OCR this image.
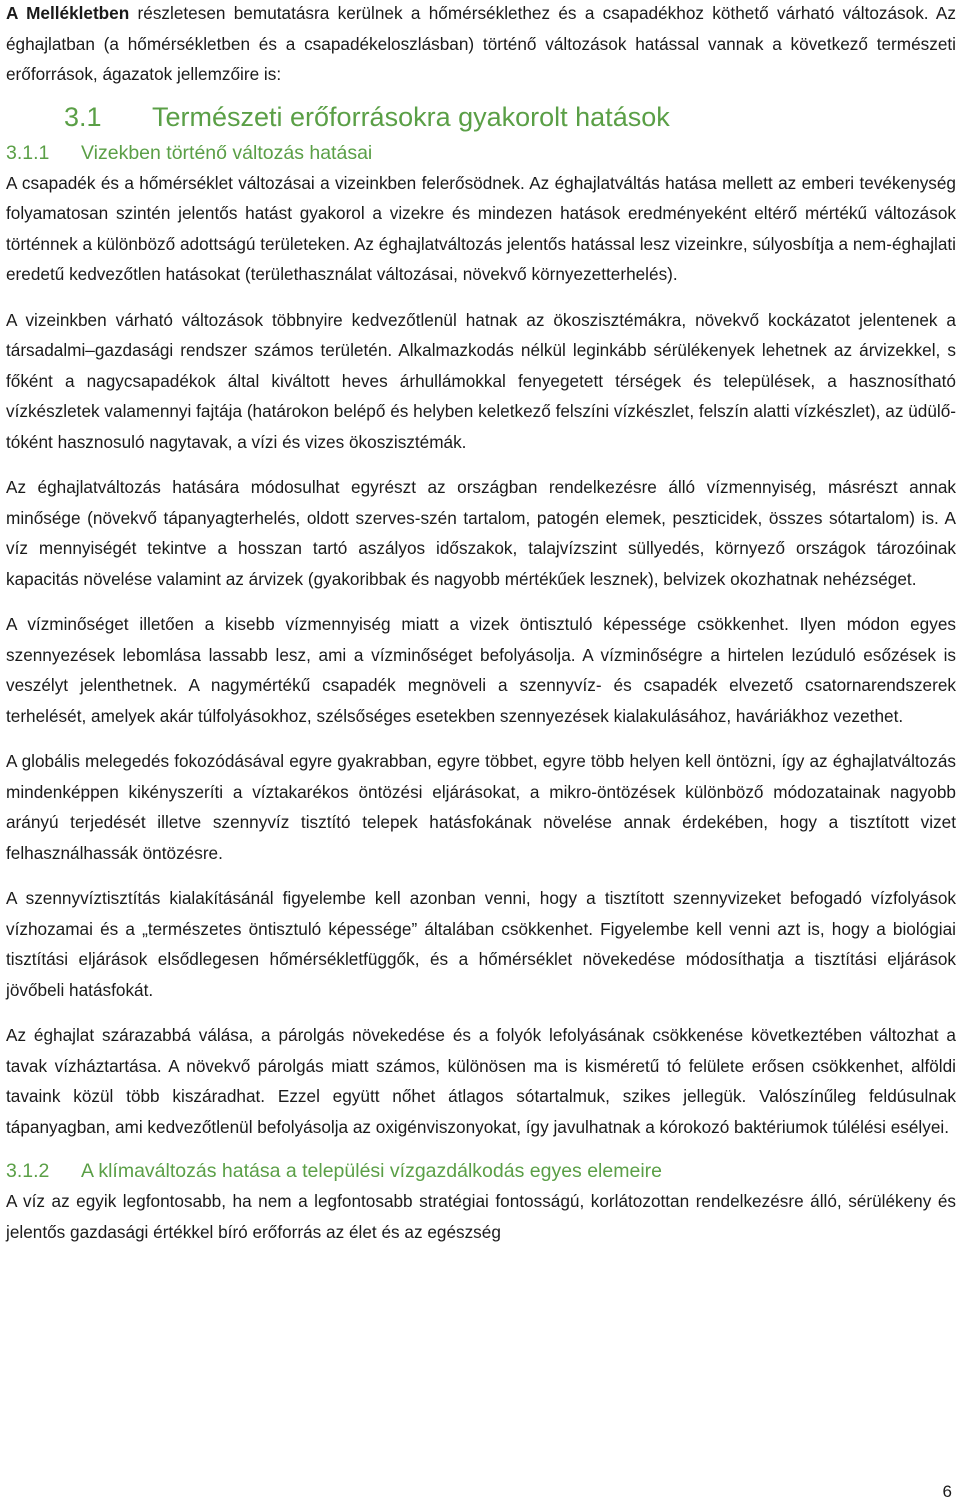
A Mellékletben részletesen bemutatásra kerülnek a hőmérséklethez és a csapadékhoz köthető várható változások. Az éghajlatban (a hőmérsékletben és a csapadékeloszlásban) történő változások hatással vannak a következő természeti erőforrások, ágazatok jellemzőire is:

3.1 Természeti erőforrásokra gyakorolt hatások
3.1.1 Vizekben történő változás hatásai

A csapadék és a hőmérséklet változásai a vizeinkben felerősödnek. Az éghajlatváltás hatása mellett az emberi tevékenység folyamatosan szintén jelentős hatást gyakorol a vizekre és mindezen hatások eredményeként eltérő mértékű változások történnek a különböző adottságú területeken. Az éghajlatváltozás jelentős hatással lesz vizeinkre, súlyosbítja a nem-éghajlati eredetű kedvezőtlen hatásokat (területhasználat változásai, növekvő környezetterhelés).

A vizeinkben várható változások többnyire kedvezőtlenül hatnak az ökoszisztémákra, növekvő kockázatot jelentenek a társadalmi–gazdasági rendszer számos területén. Alkalmazkodás nélkül leginkább sérülékenyek lehetnek az árvizekkel, s főként a nagycsapadékok által kiváltott heves árhullámokkal fenyegetett térségek és települések, a hasznosítható vízkészletek valamennyi fajtája (határokon belépő és helyben keletkező felszíni vízkészlet, felszín alatti vízkészlet), az üdülő-tóként hasznosuló nagytavak, a vízi és vizes ökoszisztémák.

Az éghajlatváltozás hatására módosulhat egyrészt az országban rendelkezésre álló vízmennyiség, másrészt annak minősége (növekvő tápanyagterhelés, oldott szerves-szén tartalom, patogén elemek, peszticidek, összes sótartalom) is. A víz mennyiségét tekintve a hosszan tartó aszályos időszakok, talajvízszint süllyedés, környező országok tározóinak kapacitás növelése valamint az árvizek (gyakoribbak és nagyobb mértékűek lesznek), belvizek okozhatnak nehézséget.

A vízminőséget illetően a kisebb vízmennyiség miatt a vizek öntisztuló képessége csökkenhet. Ilyen módon egyes szennyezések lebomlása lassabb lesz, ami a vízminőséget befolyásolja. A vízminőségre a hirtelen lezúduló esőzések is veszélyt jelenthetnek. A nagymértékű csapadék megnöveli a szennyvíz- és csapadék elvezető csatornarendszerek terhelését, amelyek akár túlfolyásokhoz, szélsőséges esetekben szennyezések kialakulásához, haváriákhoz vezethet.

A globális melegedés fokozódásával egyre gyakrabban, egyre többet, egyre több helyen kell öntözni, így az éghajlatváltozás mindenképpen kikényszeríti a víztakarékos öntözési eljárásokat, a mikro-öntözések különböző módozatainak nagyobb arányú terjedését illetve szennyvíz tisztító telepek hatásfokának növelése annak érdekében, hogy a tisztított vizet felhasználhassák öntözésre.

A szennyvíztisztítás kialakításánál figyelembe kell azonban venni, hogy a tisztított szennyvizeket befogadó vízfolyások vízhozamai és a „természetes öntisztuló képessége” általában csökkenhet. Figyelembe kell venni azt is, hogy a biológiai tisztítási eljárások elsődlegesen hőmérsékletfüggők, és a hőmérséklet növekedése módosíthatja a tisztítási eljárások jövőbeli hatásfokát.

Az éghajlat szárazabbá válása, a párolgás növekedése és a folyók lefolyásának csökkenése következtében változhat a tavak vízháztartása. A növekvő párolgás miatt számos, különösen ma is kisméretű tó felülete erősen csökkenhet, alföldi tavaink közül több kiszáradhat. Ezzel együtt nőhet átlagos sótartalmuk, szikes jellegük. Valószínűleg feldúsulnak tápanyagban, ami kedvezőtlenül befolyásolja az oxigénviszonyokat, így javulhatnak a kórokozó baktériumok túlélési esélyei.

3.1.2 A klímaváltozás hatása a települési vízgazdálkodás egyes elemeire

A víz az egyik legfontosabb, ha nem a legfontosabb stratégiai fontosságú, korlátozottan rendelkezésre álló, sérülékeny és jelentős gazdasági értékkel bíró erőforrás az élet és az egészség

6
